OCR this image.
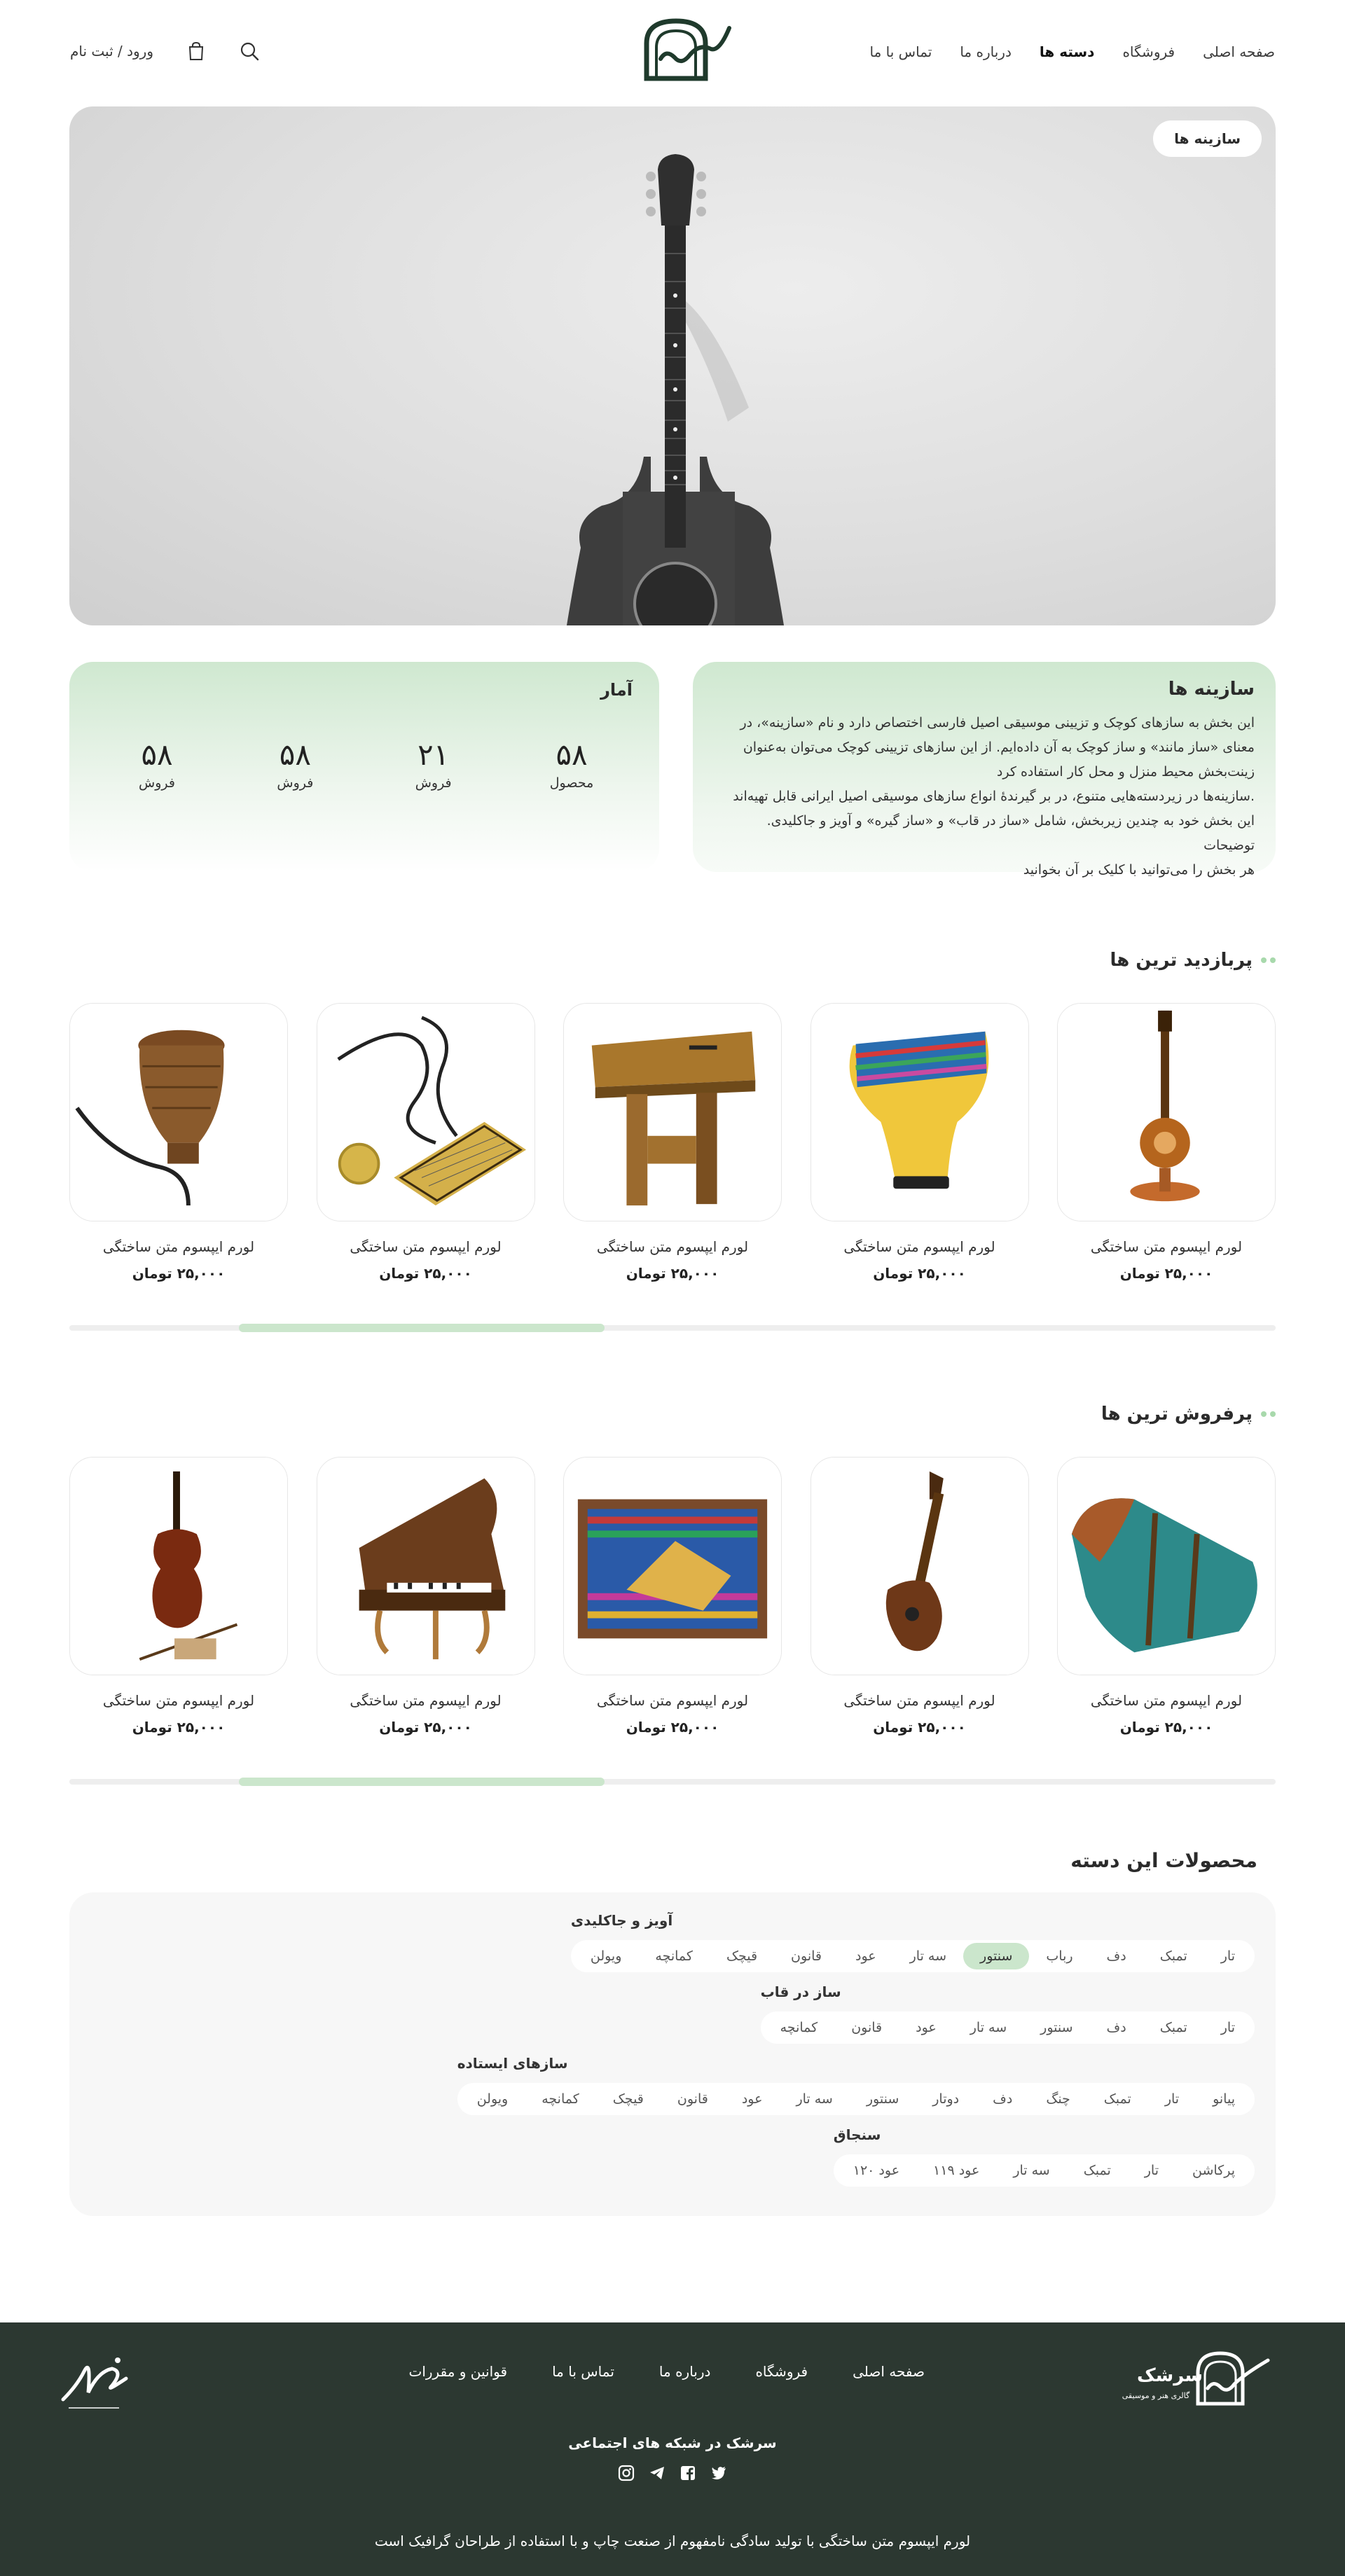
صفحه اصلی
فروشگاه
دسته ها
درباره ما
تماس با ما
ورود / ثبت نام
سازینه ها
سازینه ها
این بخش به سازهای کوچک و تزیینی موسیقی اصیل فارسی اختصاص دارد و نام «سازینه»، در
معنای «ساز مانند» و ساز کوچک به آن داده‌ایم. از این سازهای تزیینی کوچک می‌توان به‌عنوان
زینت‌بخش محیط منزل و محل کار استفاده کرد
.سازینه‌ها در زیردسته‌هایی متنوع، در بر گیرندهٔ انواع سازهای موسیقی اصیل ایرانی قابل تهیه‌اند
این بخش خود به چندین زیربخش، شامل «ساز در قاب» و «ساز گیره» و آویز و جاکلیدی. توضیحات
هر بخش را می‌توانید با کلیک بر آن بخوانید
آمار
۵۸
محصول
۲۱
فروش
۵۸
فروش
۵۸
فروش
پربازدید ترین ها
لورم ایپسوم متن ساختگی
۲۵,۰۰۰ تومان
لورم ایپسوم متن ساختگی
۲۵,۰۰۰ تومان
لورم ایپسوم متن ساختگی
۲۵,۰۰۰ تومان
لورم ایپسوم متن ساختگی
۲۵,۰۰۰ تومان
لورم ایپسوم متن ساختگی
۲۵,۰۰۰ تومان
پرفروش ترین ها
لورم ایپسوم متن ساختگی
۲۵,۰۰۰ تومان
لورم ایپسوم متن ساختگی
۲۵,۰۰۰ تومان
لورم ایپسوم متن ساختگی
۲۵,۰۰۰ تومان
لورم ایپسوم متن ساختگی
۲۵,۰۰۰ تومان
لورم ایپسوم متن ساختگی
۲۵,۰۰۰ تومان
محصولات این دسته
آویز و جاکلیدی
تار
تمبک
دف
رباب
سنتور
سه تار
عود
قانون
قیچک
کمانچه
ویولن
ساز در قاب
تار
تمبک
دف
سنتور
سه تار
عود
قانون
کمانچه
سازهای ایستاده
پیانو
تار
تمبک
چنگ
دف
دوتار
سنتور
سه تار
عود
قانون
قیچک
کمانچه
ویولن
سنجاق
پرکاشن
تار
تمبک
سه تار
عود ۱۱۹
عود ۱۲۰
سرشک
گالری هنر و موسیقی
صفحه اصلی
فروشگاه
درباره ما
تماس با ما
قوانین و مقررات
سرشک در شبکه های اجتماعی
لورم ایپسوم متن ساختگی با تولید سادگی نامفهوم از صنعت چاپ و با استفاده از طراحان گرافیک است
